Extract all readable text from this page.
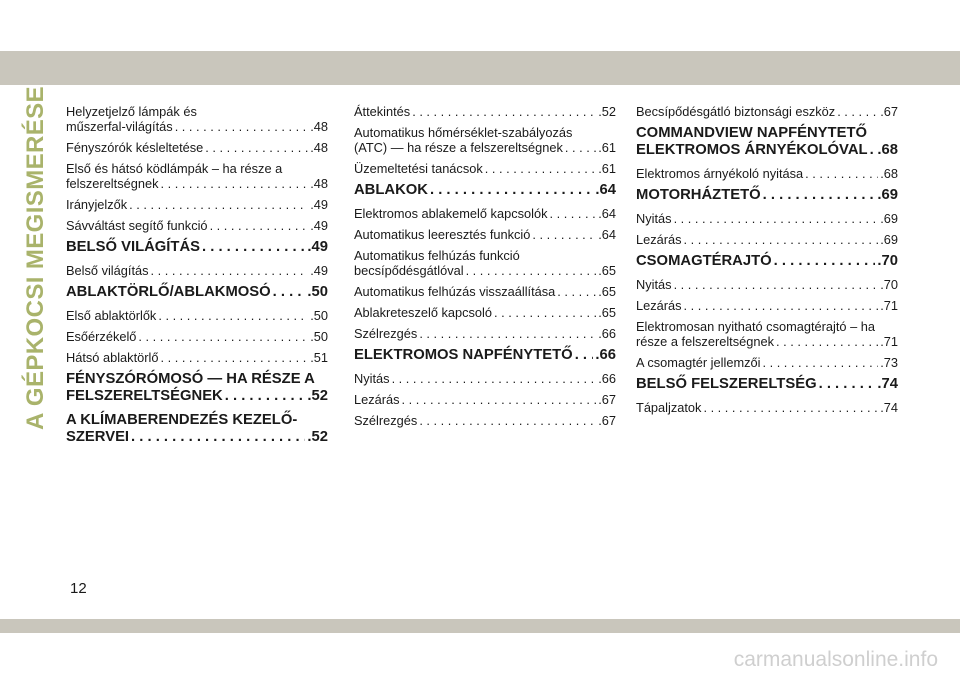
A GÉPKOCSI MEGISMERÉSE Helyzetjelző lámpák és
műszerfal-világítás . . .	.48
Fényszórók késleltetése . . .	.48
Első és hátsó ködlámpák – ha része a
felszereltségnek . . .	.48
Irányjelzők . . .	.49
Sávváltást segítő funkció . . .	.49
BELSŐ VILÁGÍTÁS . . .	.49
Belső világítás . . .	.49
ABLAKTÖRLŐ/ABLAKMOSÓ . . . .50
Első ablaktörlők . . .	.50
Esőérzékelő . . .	.50
Hátsó ablaktörlő . . .	.51
FÉNYSZÓRÓMOSÓ — HA RÉSZE A
FELSZERELTSÉGNEK . . .	.52
A KLÍMABERENDEZÉS KEZELŐ-
SZERVEI . . .	.52
Áttekintés . . .	.52
Automatikus hőmérséklet-szabályozás
(ATC) — ha része a felszereltségnek . . .	.61
Üzemeltetési tanácsok . . .	.61
ABLAKOK . . .	.64
Elektromos ablakemelő kapcsolók . . .	.64
Automatikus leeresztés funkció . . .	.64
Automatikus felhúzás funkció
becsípődésgátlóval . . .	.65
Automatikus felhúzás visszaállítása . . .	.65
Ablakreteszelő kapcsoló . . .	.65
Szélrezgés . . .	.66
ELEKTROMOS NAPFÉNYTETŐ . . . .66
Nyitás . . .	.66
Lezárás . . .	.67
Szélrezgés . . .	.67
Becsípődésgátló biztonsági eszköz . . .	.67
COMMANDVIEW NAPFÉNYTETŐ
ELEKTROMOS ÁRNYÉKOLÓVAL . . . .68
Elektromos árnyékoló nyitása . . .	.68
MOTORHÁZTETŐ . . .	.69
Nyitás . . .	.69
Lezárás . . .	.69
CSOMAGTÉRAJTÓ . . .	.70
Nyitás . . .	.70
Lezárás . . .	.71
Elektromosan nyitható csomagtérajtó – ha
része a felszereltségnek . . .	.71
A csomagtér jellemzői . . .	.73
BELSŐ FELSZERELTSÉG . . .	.74
Tápaljzatok . . .	.74
12
carmanualsonline.info
